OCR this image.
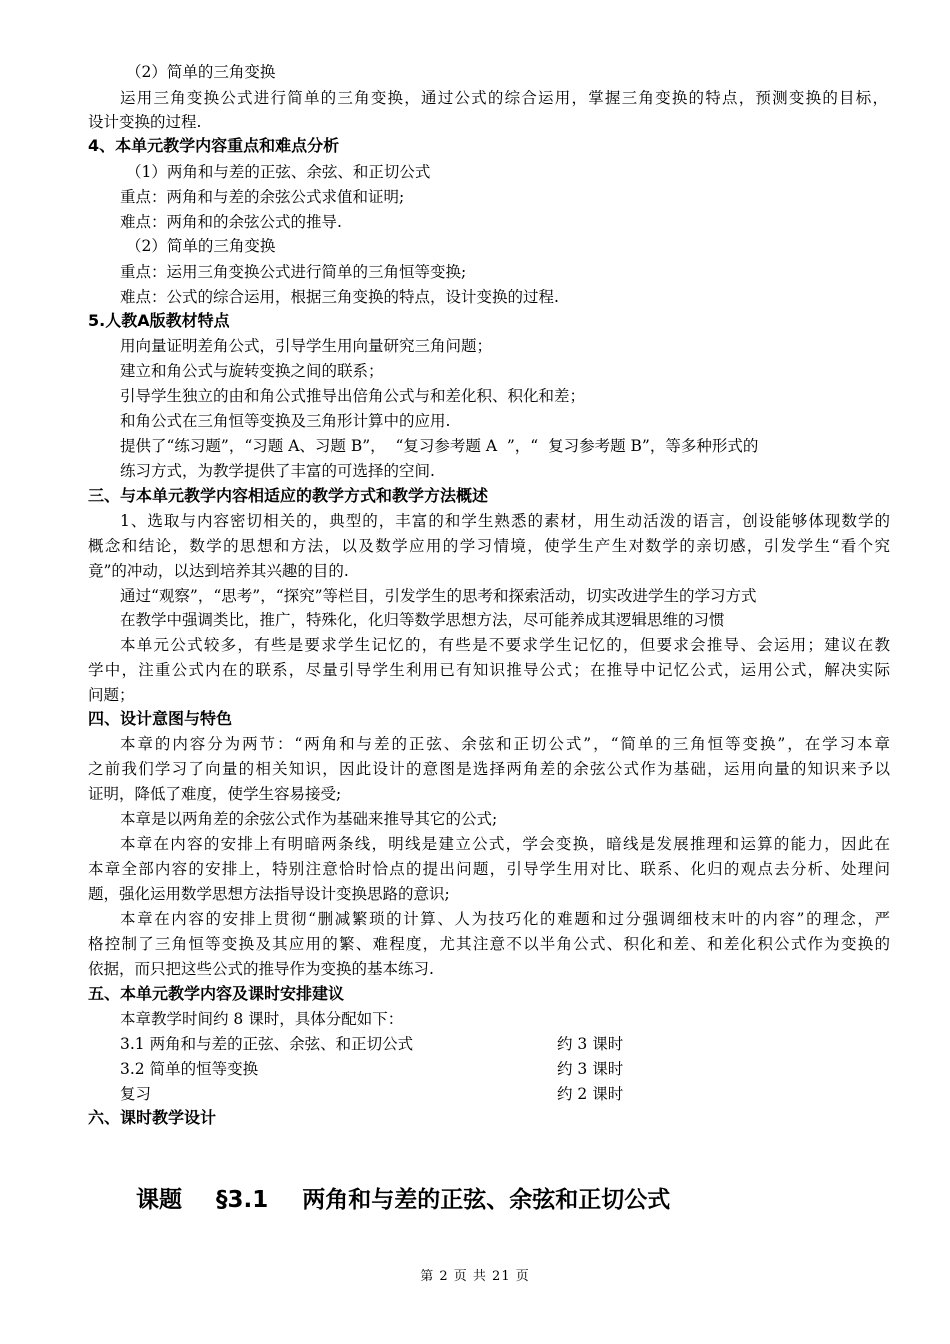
（2）简单的三角变换
运用三角变换公式进行简单的三角变换，通过公式的综合运用，掌握三角变换的特点，预测变换的目标，
设计变换的过程.
4、本单元教学内容重点和难点分析
（1）两角和与差的正弦、余弦、和正切公式
重点：两角和与差的余弦公式求值和证明;
难点：两角和的余弦公式的推导.
（2）简单的三角变换
重点：运用三角变换公式进行简单的三角恒等变换;
难点：公式的综合运用，根据三角变换的特点，设计变换的过程.
5.人教A版教材特点
用向量证明差角公式，引导学生用向量研究三角问题；
建立和角公式与旋转变换之间的联系；
引导学生独立的由和角公式推导出倍角公式与和差化积、积化和差；
和角公式在三角恒等变换及三角形计算中的应用.
提供了“练习题”，“习题 A、习题 B”，  “复习参考题 A  ”，“  复习参考题 B”，等多种形式的
练习方式，为教学提供了丰富的可选择的空间.
三、与本单元教学内容相适应的教学方式和教学方法概述
1、选取与内容密切相关的，典型的，丰富的和学生熟悉的素材，用生动活泼的语言，创设能够体现数学的
概念和结论，数学的思想和方法，以及数学应用的学习情境，使学生产生对数学的亲切感，引发学生“看个究
竟”的冲动，以达到培养其兴趣的目的.
通过“观察”，“思考”，“探究”等栏目，引发学生的思考和探索活动，切实改进学生的学习方式
在教学中强调类比，推广，特殊化，化归等数学思想方法，尽可能养成其逻辑思维的习惯
本单元公式较多，有些是要求学生记忆的，有些是不要求学生记忆的，但要求会推导、会运用；建议在教
学中，注重公式内在的联系，尽量引导学生利用已有知识推导公式；在推导中记忆公式，运用公式，解决实际
问题；
四、设计意图与特色
本章的内容分为两节：“两角和与差的正弦、余弦和正切公式”，“简单的三角恒等变换”，在学习本章
之前我们学习了向量的相关知识，因此设计的意图是选择两角差的余弦公式作为基础，运用向量的知识来予以
证明，降低了难度，使学生容易接受;
本章是以两角差的余弦公式作为基础来推导其它的公式;
本章在内容的安排上有明暗两条线，明线是建立公式，学会变换，暗线是发展推理和运算的能力，因此在
本章全部内容的安排上，特别注意恰时恰点的提出问题，引导学生用对比、联系、化归的观点去分析、处理问
题，强化运用数学思想方法指导设计变换思路的意识;
本章在内容的安排上贯彻“删减繁琐的计算、人为技巧化的难题和过分强调细枝末叶的内容”的理念，严
格控制了三角恒等变换及其应用的繁、难程度，尤其注意不以半角公式、积化和差、和差化积公式作为变换的
依据，而只把这些公式的推导作为变换的基本练习.
五、本单元教学内容及课时安排建议
本章教学时间约 8 课时，具体分配如下：
3.1 两角和与差的正弦、余弦、和正切公式	约 3 课时
3.2 简单的恒等变换	约 3 课时
复习	约 2 课时
六、课时教学设计
课题 §3.1 两角和与差的正弦、余弦和正切公式
第 2 页 共 21 页
